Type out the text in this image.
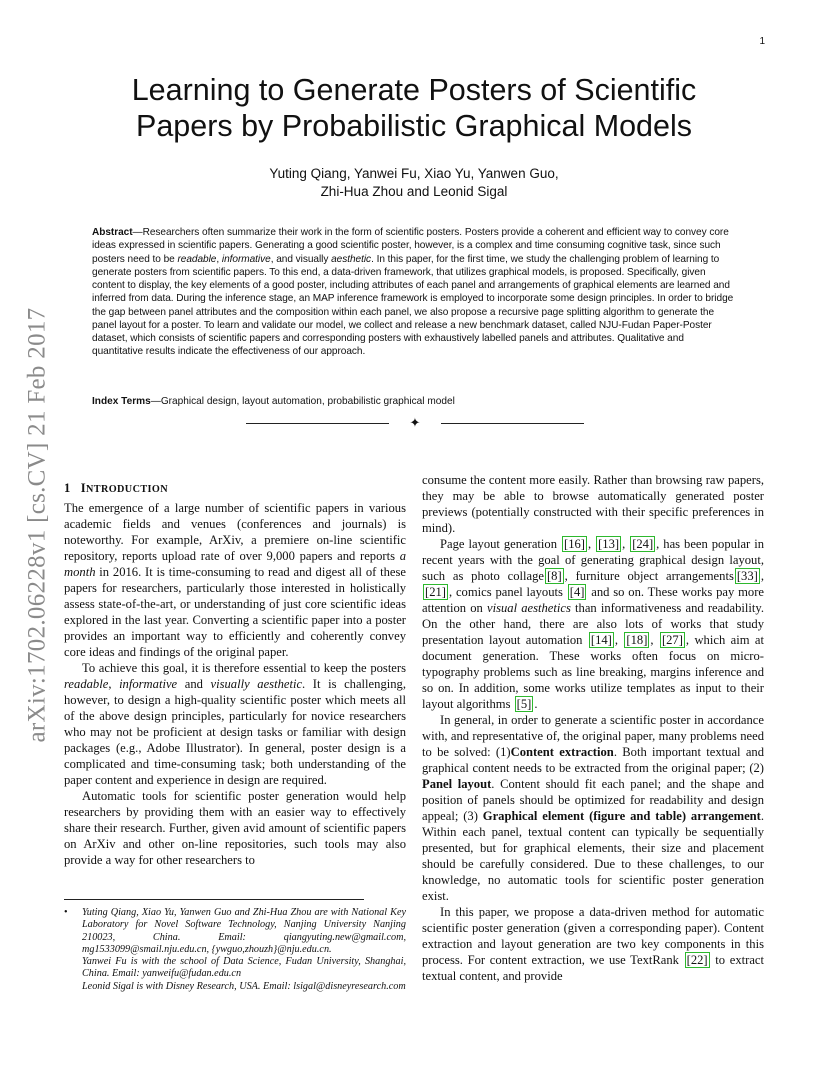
1
arXiv:1702.06228v1 [cs.CV] 21 Feb 2017
Learning to Generate Posters of Scientific
Papers by Probabilistic Graphical Models
Yuting Qiang, Yanwei Fu, Xiao Yu, Yanwen Guo,
Zhi-Hua Zhou and Leonid Sigal

Abstract—Researchers often summarize their work in the form of scientific posters. Posters provide a coherent and efficient way to convey core ideas expressed in scientific papers. Generating a good scientific poster, however, is a complex and time consuming cognitive task, since such posters need to be readable, informative, and visually aesthetic. In this paper, for the first time, we study the challenging problem of learning to generate posters from scientific papers. To this end, a data-driven framework, that utilizes graphical models, is proposed. Specifically, given content to display, the key elements of a good poster, including attributes of each panel and arrangements of graphical elements are learned and inferred from data. During the inference stage, an MAP inference framework is employed to incorporate some design principles. In order to bridge the gap between panel attributes and the composition within each panel, we also propose a recursive page splitting algorithm to generate the panel layout for a poster. To learn and validate our model, we collect and release a new benchmark dataset, called NJU-Fudan Paper-Poster dataset, which consists of scientific papers and corresponding posters with exhaustively labelled panels and attributes. Qualitative and quantitative results indicate the effectiveness of our approach.

Index Terms—Graphical design, layout automation, probabilistic graphical model

✦
1 INTRODUCTION

The emergence of a large number of scientific papers in various academic fields and venues (conferences and journals) is noteworthy. For example, ArXiv, a premiere on-line scientific repository, reports upload rate of over 9,000 papers and reports a month in 2016. It is time-consuming to read and digest all of these papers for researchers, particularly those interested in holistically assess state-of-the-art, or understanding of just core scientific ideas explored in the last year. Converting a scientific paper into a poster provides an important way to efficiently and coherently convey core ideas and findings of the original paper.

To achieve this goal, it is therefore essential to keep the posters readable, informative and visually aesthetic. It is challenging, however, to design a high-quality scientific poster which meets all of the above design principles, particularly for novice researchers who may not be proficient at design tasks or familiar with design packages (e.g., Adobe Illustrator). In general, poster design is a complicated and time-consuming task; both understanding of the paper content and experience in design are required.

Automatic tools for scientific poster generation would help researchers by providing them with an easier way to effectively share their research. Further, given avid amount of scientific papers on ArXiv and other on-line repositories, such tools may also provide a way for other researchers to

consume the content more easily. Rather than browsing raw papers, they may be able to browse automatically generated poster previews (potentially constructed with their specific preferences in mind).

Page layout generation [16] , [13] , [24] , has been popular in recent years with the goal of generating graphical design layout, such as photo collage [8] , furniture object arrangements [33] , [21] , comics panel layouts [4] and so on. These works pay more attention on visual aesthetics than informativeness and readability. On the other hand, there are also lots of works that study presentation layout automation [14] , [18] , [27] , which aim at document generation. These works often focus on micro-typography problems such as line breaking, margins inference and so on. In addition, some works utilize templates as input to their layout algorithms [5] .

In general, in order to generate a scientific poster in accordance with, and representative of, the original paper, many problems need to be solved: (1)Content extraction. Both important textual and graphical content needs to be extracted from the original paper; (2) Panel layout. Content should fit each panel; and the shape and position of panels should be optimized for readability and design appeal; (3) Graphical element (figure and table) arrangement. Within each panel, textual content can typically be sequentially presented, but for graphical elements, their size and placement should be carefully considered. Due to these challenges, to our knowledge, no automatic tools for scientific poster generation exist.

In this paper, we propose a data-driven method for automatic scientific poster generation (given a corresponding paper). Content extraction and layout generation are two key components in this process. For content extraction, we use TextRank [22] to extract textual content, and provide

•	Yuting Qiang, Xiao Yu, Yanwen Guo and Zhi-Hua Zhou are with National Key Laboratory for Novel Software Technology, Nanjing University Nanjing 210023, China. Email: qiangyuting.new@gmail.com, mg1533099@smail.nju.edu.cn, {ywguo,zhouzh}@nju.edu.cn.

Yanwei Fu is with the school of Data Science, Fudan University, Shanghai, China. Email: yanweifu@fudan.edu.cn

Leonid Sigal is with Disney Research, USA. Email: lsigal@disneyresearch.com
